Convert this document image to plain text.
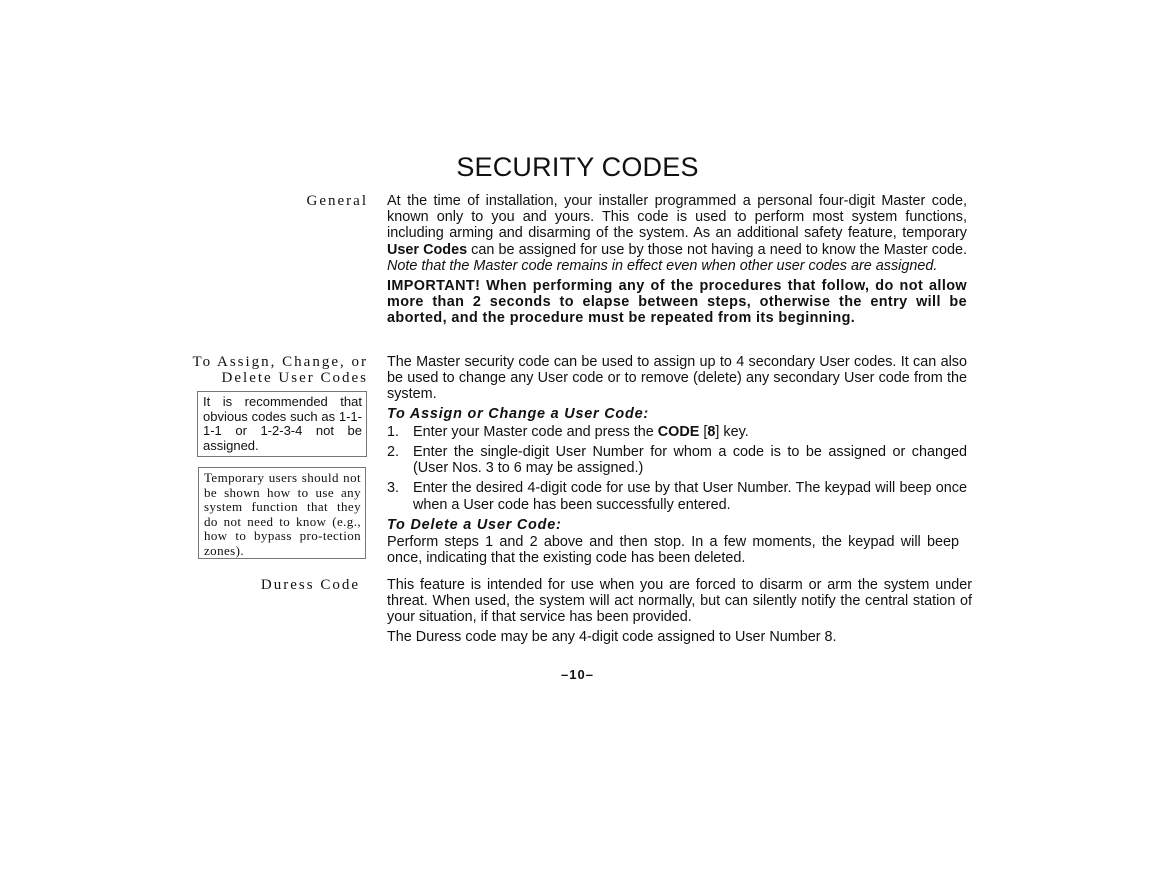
SECURITY CODES
General At the time of installation, your installer programmed a personal four-digit Master code, known only to you and yours. This code is used to perform most system functions, including arming and disarming of the system. As an additional safety feature, temporary User Codes can be assigned for use by those not having a need to know the Master code. Note that the Master code remains in effect even when other user codes are assigned.

IMPORTANT! When performing any of the procedures that follow, do not allow more than 2 seconds to elapse between steps, otherwise the entry will be aborted, and the procedure must be repeated from its beginning.

To Assign, Change, or
Delete User Codes

The Master security code can be used to assign up to 4 secondary User codes. It can also be used to change any User code or to remove (delete) any secondary User code from the system.

To Assign or Change a User Code:

1. Enter your Master code and press the CODE [8] key.
2. Enter the single-digit User Number for whom a code is to be assigned or changed (User Nos. 3 to 6 may be assigned.)
3. Enter the desired 4-digit code for use by that User Number. The keypad will beep once when a User code has been successfully entered.

To Delete a User Code:

Perform steps 1 and 2 above and then stop. In a few moments, the keypad will beep once, indicating that the existing code has been deleted.

It is recommended that obvious codes such as 1-1-1-1 or 1-2-3-4 not be assigned.
Temporary users should not be shown how to use any system function that they do not need to know (e.g., how to bypass pro-tection zones).
Duress Code This feature is intended for use when you are forced to disarm or arm the system under threat. When used, the system will act normally, but can silently notify the central station of your situation, if that service has been provided.

The Duress code may be any 4-digit code assigned to User Number 8.

–10–
